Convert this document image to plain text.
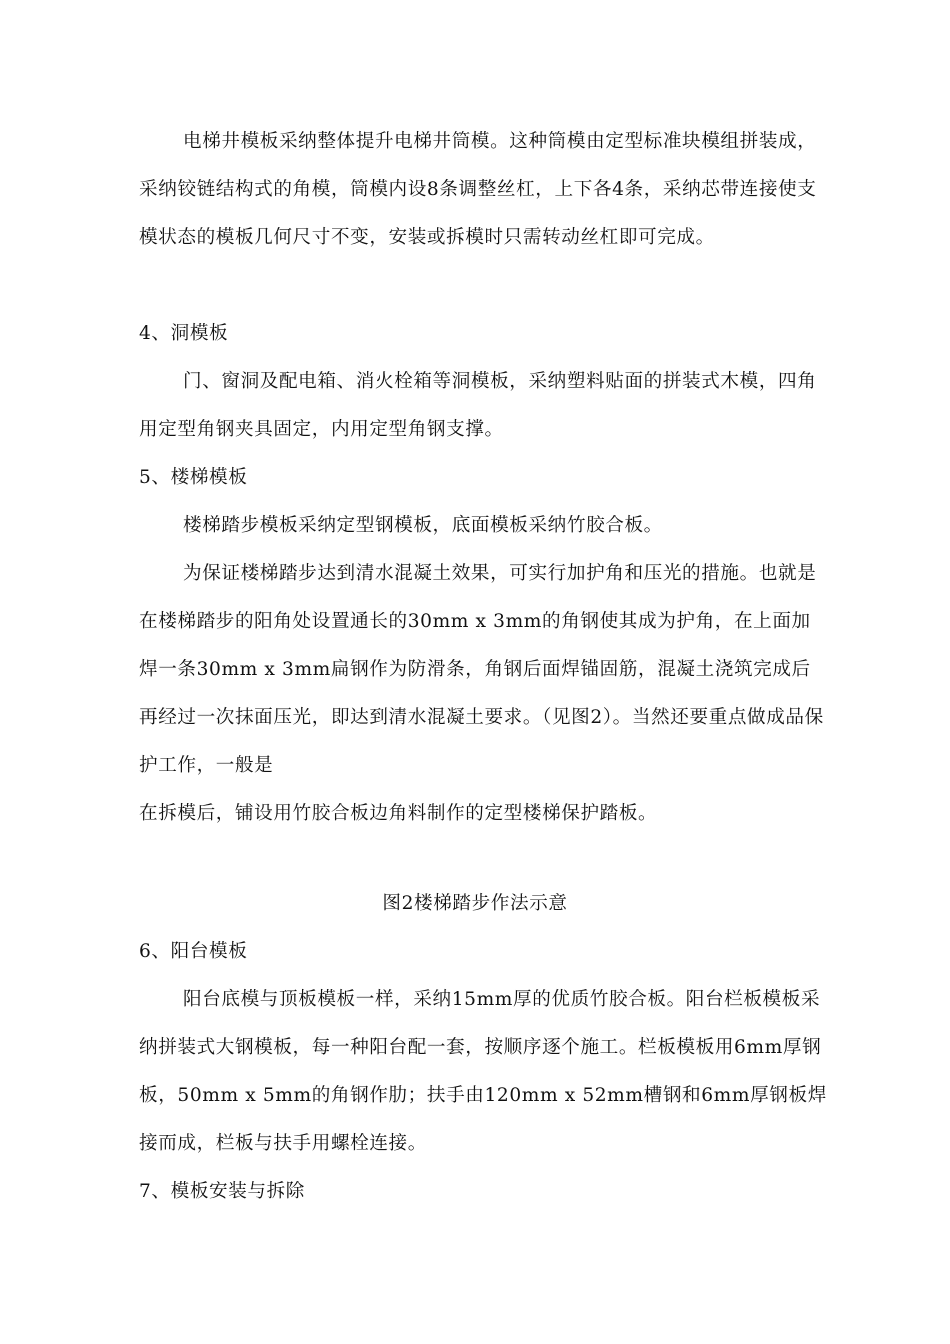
电梯井模板采纳整体提升电梯井筒模。这种筒模由定型标准块模组拼装成，采纳铰链结构式的角模，筒模内设8条调整丝杠，上下各4条，采纳芯带连接使支模状态的模板几何尺寸不变，安装或拆模时只需转动丝杠即可完成。

4、洞模板

门、窗洞及配电箱、消火栓箱等洞模板，采纳塑料贴面的拼装式木模，四角用定型角钢夹具固定，内用定型角钢支撑。

5、楼梯模板

楼梯踏步模板采纳定型钢模板，底面模板采纳竹胶合板。

为保证楼梯踏步达到清水混凝土效果，可实行加护角和压光的措施。也就是在楼梯踏步的阳角处设置通长的30mm x 3mm的角钢使其成为护角，在上面加焊一条30mm x 3mm扁钢作为防滑条，角钢后面焊锚固筋，混凝土浇筑完成后再经过一次抹面压光，即达到清水混凝土要求。（见图2）。当然还要重点做成品保护工作，一般是

在拆模后，铺设用竹胶合板边角料制作的定型楼梯保护踏板。

图2楼梯踏步作法示意

6、阳台模板

阳台底模与顶板模板一样，采纳15mm厚的优质竹胶合板。阳台栏板模板采纳拼装式大钢模板，每一种阳台配一套，按顺序逐个施工。栏板模板用6mm厚钢板，50mm x 5mm的角钢作肋；扶手由120mm x 52mm槽钢和6mm厚钢板焊接而成，栏板与扶手用螺栓连接。

7、模板安装与拆除
